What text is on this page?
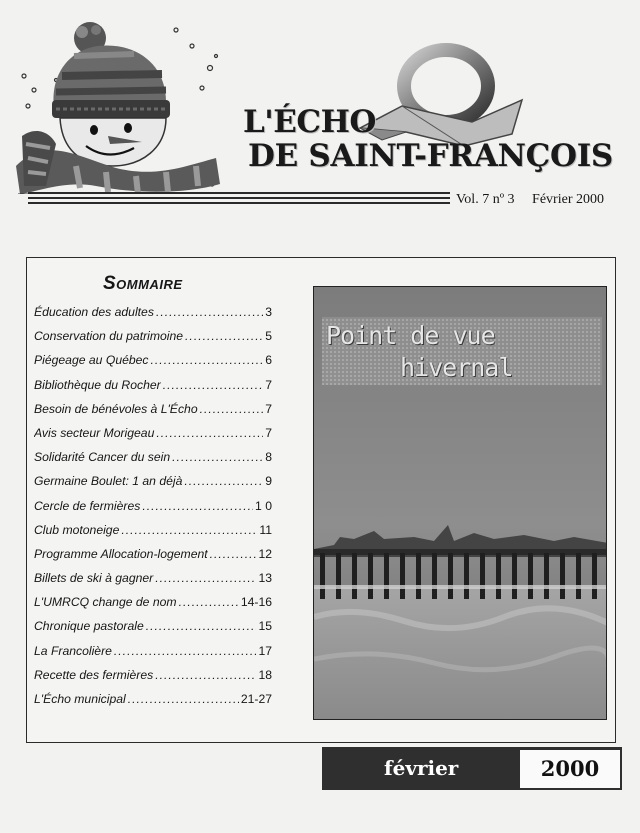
L'ÉCHO
DE SAINT-FRANÇOIS
Vol. 7 nº 3 Février 2000
Sommaire
Éducation des adultes .....	3
Conservation du patrimoine .....	5
Piégeage au Québec .....	6
Bibliothèque du Rocher .....	7
Besoin de bénévoles à L'Écho .....	7
Avis secteur Morigeau .....	7
Solidarité Cancer du sein .....	8
Germaine Boulet: 1 an déjà .....	9
Cercle de fermières .....	1 0
Club motoneige .....	11
Programme Allocation-logement .....	12
Billets de ski à gagner .....	13
L'UMRCQ change de nom .....	14-16
Chronique pastorale .....	15
La Francolière .....	17
Recette des fermières .....	18
L'Écho municipal .....	21-27
Point de vue
hivernal
février	2000
